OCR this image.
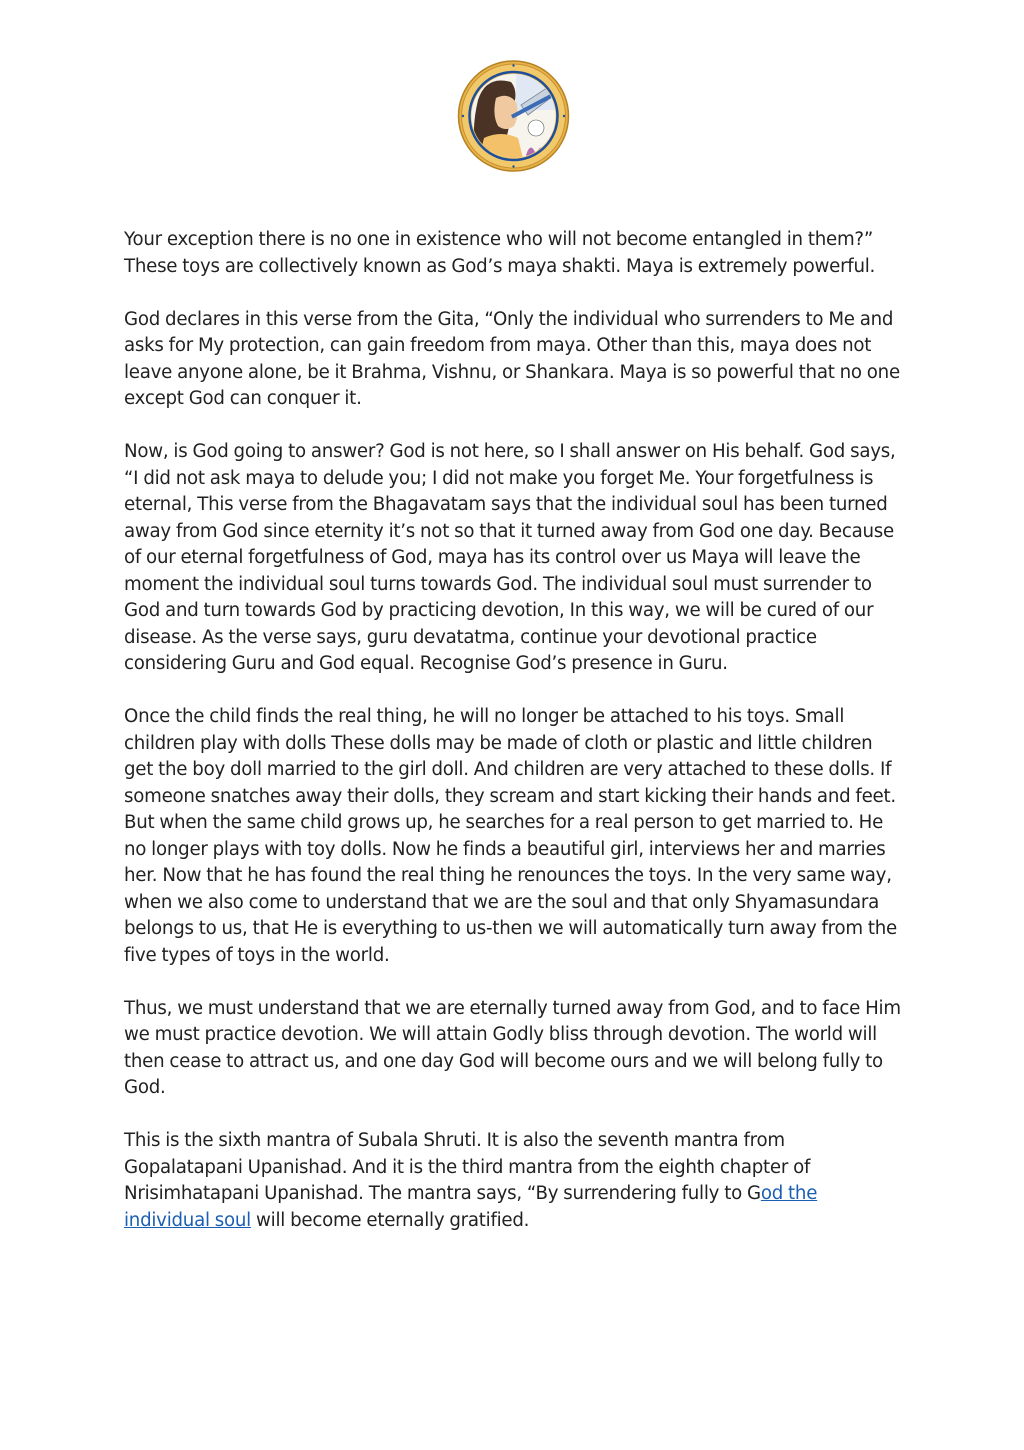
Your exception there is no one in existence who will not become entangled in them?” These toys are collectively known as God’s maya shakti. Maya is extremely powerful.

God declares in this verse from the Gita, “Only the individual who surrenders to Me and asks for My protection, can gain freedom from maya. Other than this, maya does not leave anyone alone, be it Brahma, Vishnu, or Shankara. Maya is so powerful that no one except God can conquer it.

Now, is God going to answer? God is not here, so I shall answer on His behalf. God says, “I did not ask maya to delude you; I did not make you forget Me. Your forgetfulness is eternal, This verse from the Bhagavatam says that the individual soul has been turned away from God since eternity it’s not so that it turned away from God one day. Because of our eternal forgetfulness of God, maya has its control over us Maya will leave the moment the individual soul turns towards God. The individual soul must surrender to God and turn towards God by practicing devotion, In this way, we will be cured of our disease. As the verse says, guru devatatma, continue your devotional practice considering Guru and God equal. Recognise God’s presence in Guru.

Once the child finds the real thing, he will no longer be attached to his toys. Small children play with dolls These dolls may be made of cloth or plastic and little children get the boy doll married to the girl doll. And children are very attached to these dolls. If someone snatches away their dolls, they scream and start kicking their hands and feet. But when the same child grows up, he searches for a real person to get married to. He no longer plays with toy dolls. Now he finds a beautiful girl, interviews her and marries her. Now that he has found the real thing he renounces the toys. In the very same way, when we also come to understand that we are the soul and that only Shyamasundara belongs to us, that He is everything to us-then we will automatically turn away from the five types of toys in the world.

Thus, we must understand that we are eternally turned away from God, and to face Him we must practice devotion. We will attain Godly bliss through devotion. The world will then cease to attract us, and one day God will become ours and we will belong fully to God.

This is the sixth mantra of Subala Shruti. It is also the seventh mantra from Gopalatapani Upanishad. And it is the third mantra from the eighth chapter of Nrisimhatapani Upanishad. The mantra says, “By surrendering fully to God the individual soul will become eternally gratified.
